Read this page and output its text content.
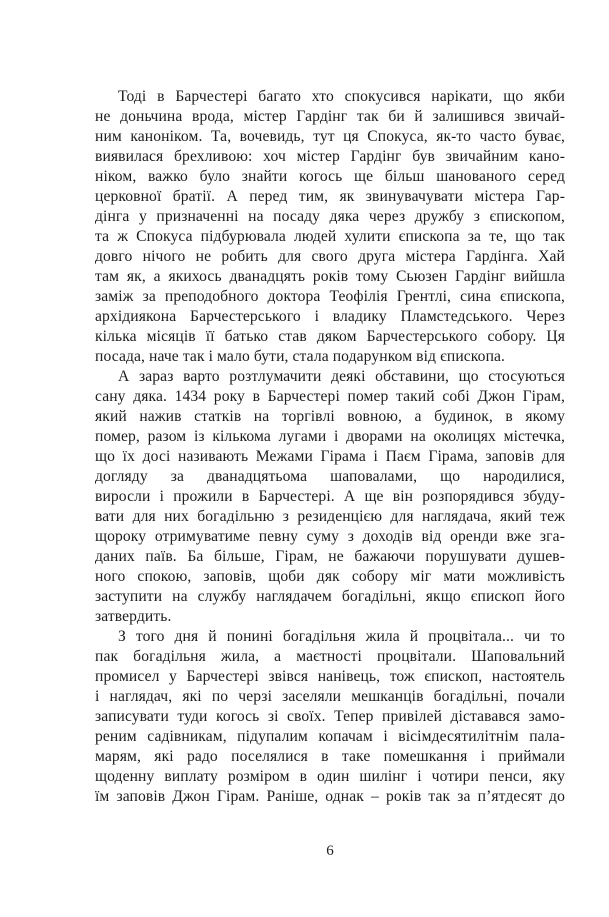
Тоді в Барчестері багато хто спокусився нарікати, що якби
не доньчина врода, містер Гардінг так би й залишився звичай-
ним каноніком. Та, вочевидь, тут ця Спокуса, як-то часто буває,
виявилася брехливою: хоч містер Гардінг був звичайним кано-
ніком, важко було знайти когось ще більш шанованого серед
церковної братії. А перед тим, як звинувачувати містера Гар-
дінга у призначенні на посаду дяка через дружбу з єпископом,
та ж Спокуса підбурювала людей хулити єпископа за те, що так
довго нічого не робить для свого друга містера Гардінга. Хай
там як, а якихось дванадцять років тому Сьюзен Гардінг вийшла
заміж за преподобного доктора Теофілія Грентлі, сина єпископа,
архідиякона Барчестерського і владику Пламстедського. Через
кілька місяців її батько став дяком Барчестерського собору. Ця
посада, наче так і мало бути, стала подарунком від єпископа.
А зараз варто розтлумачити деякі обставини, що стосуються
сану дяка. 1434 року в Барчестері помер такий собі Джон Гірам,
який нажив статків на торгівлі вовною, а будинок, в якому
помер, разом із кількома лугами і дворами на околицях містечка,
що їх досі називають Межами Гірама і Паєм Гірама, заповів для
догляду за дванадцятьома шаповалами, що народилися,
виросли і прожили в Барчестері. А ще він розпорядився збуду-
вати для них богадільню з резиденцією для наглядача, який теж
щороку отримуватиме певну суму з доходів від оренди вже зга-
даних паїв. Ба більше, Гірам, не бажаючи порушувати душев-
ного спокою, заповів, щоби дяк собору міг мати можливість
заступити на службу наглядачем богадільні, якщо єпископ його
затвердить.
З того дня й понині богадільня жила й процвітала... чи то
пак богадільня жила, а маєтності процвітали. Шаповальний
промисел у Барчестері звівся нанівець, тож єпископ, настоятель
і наглядач, які по черзі заселяли мешканців богадільні, почали
записувати туди когось зі своїх. Тепер привілей діставався замо-
реним садівникам, підупалим копачам і вісімдесятилітнім пала-
марям, які радо поселялися в таке помешкання і приймали
щоденну виплату розміром в один шилінг і чотири пенси, яку
їм заповів Джон Гірам. Раніше, однак – років так за п’ятдесят до
6
